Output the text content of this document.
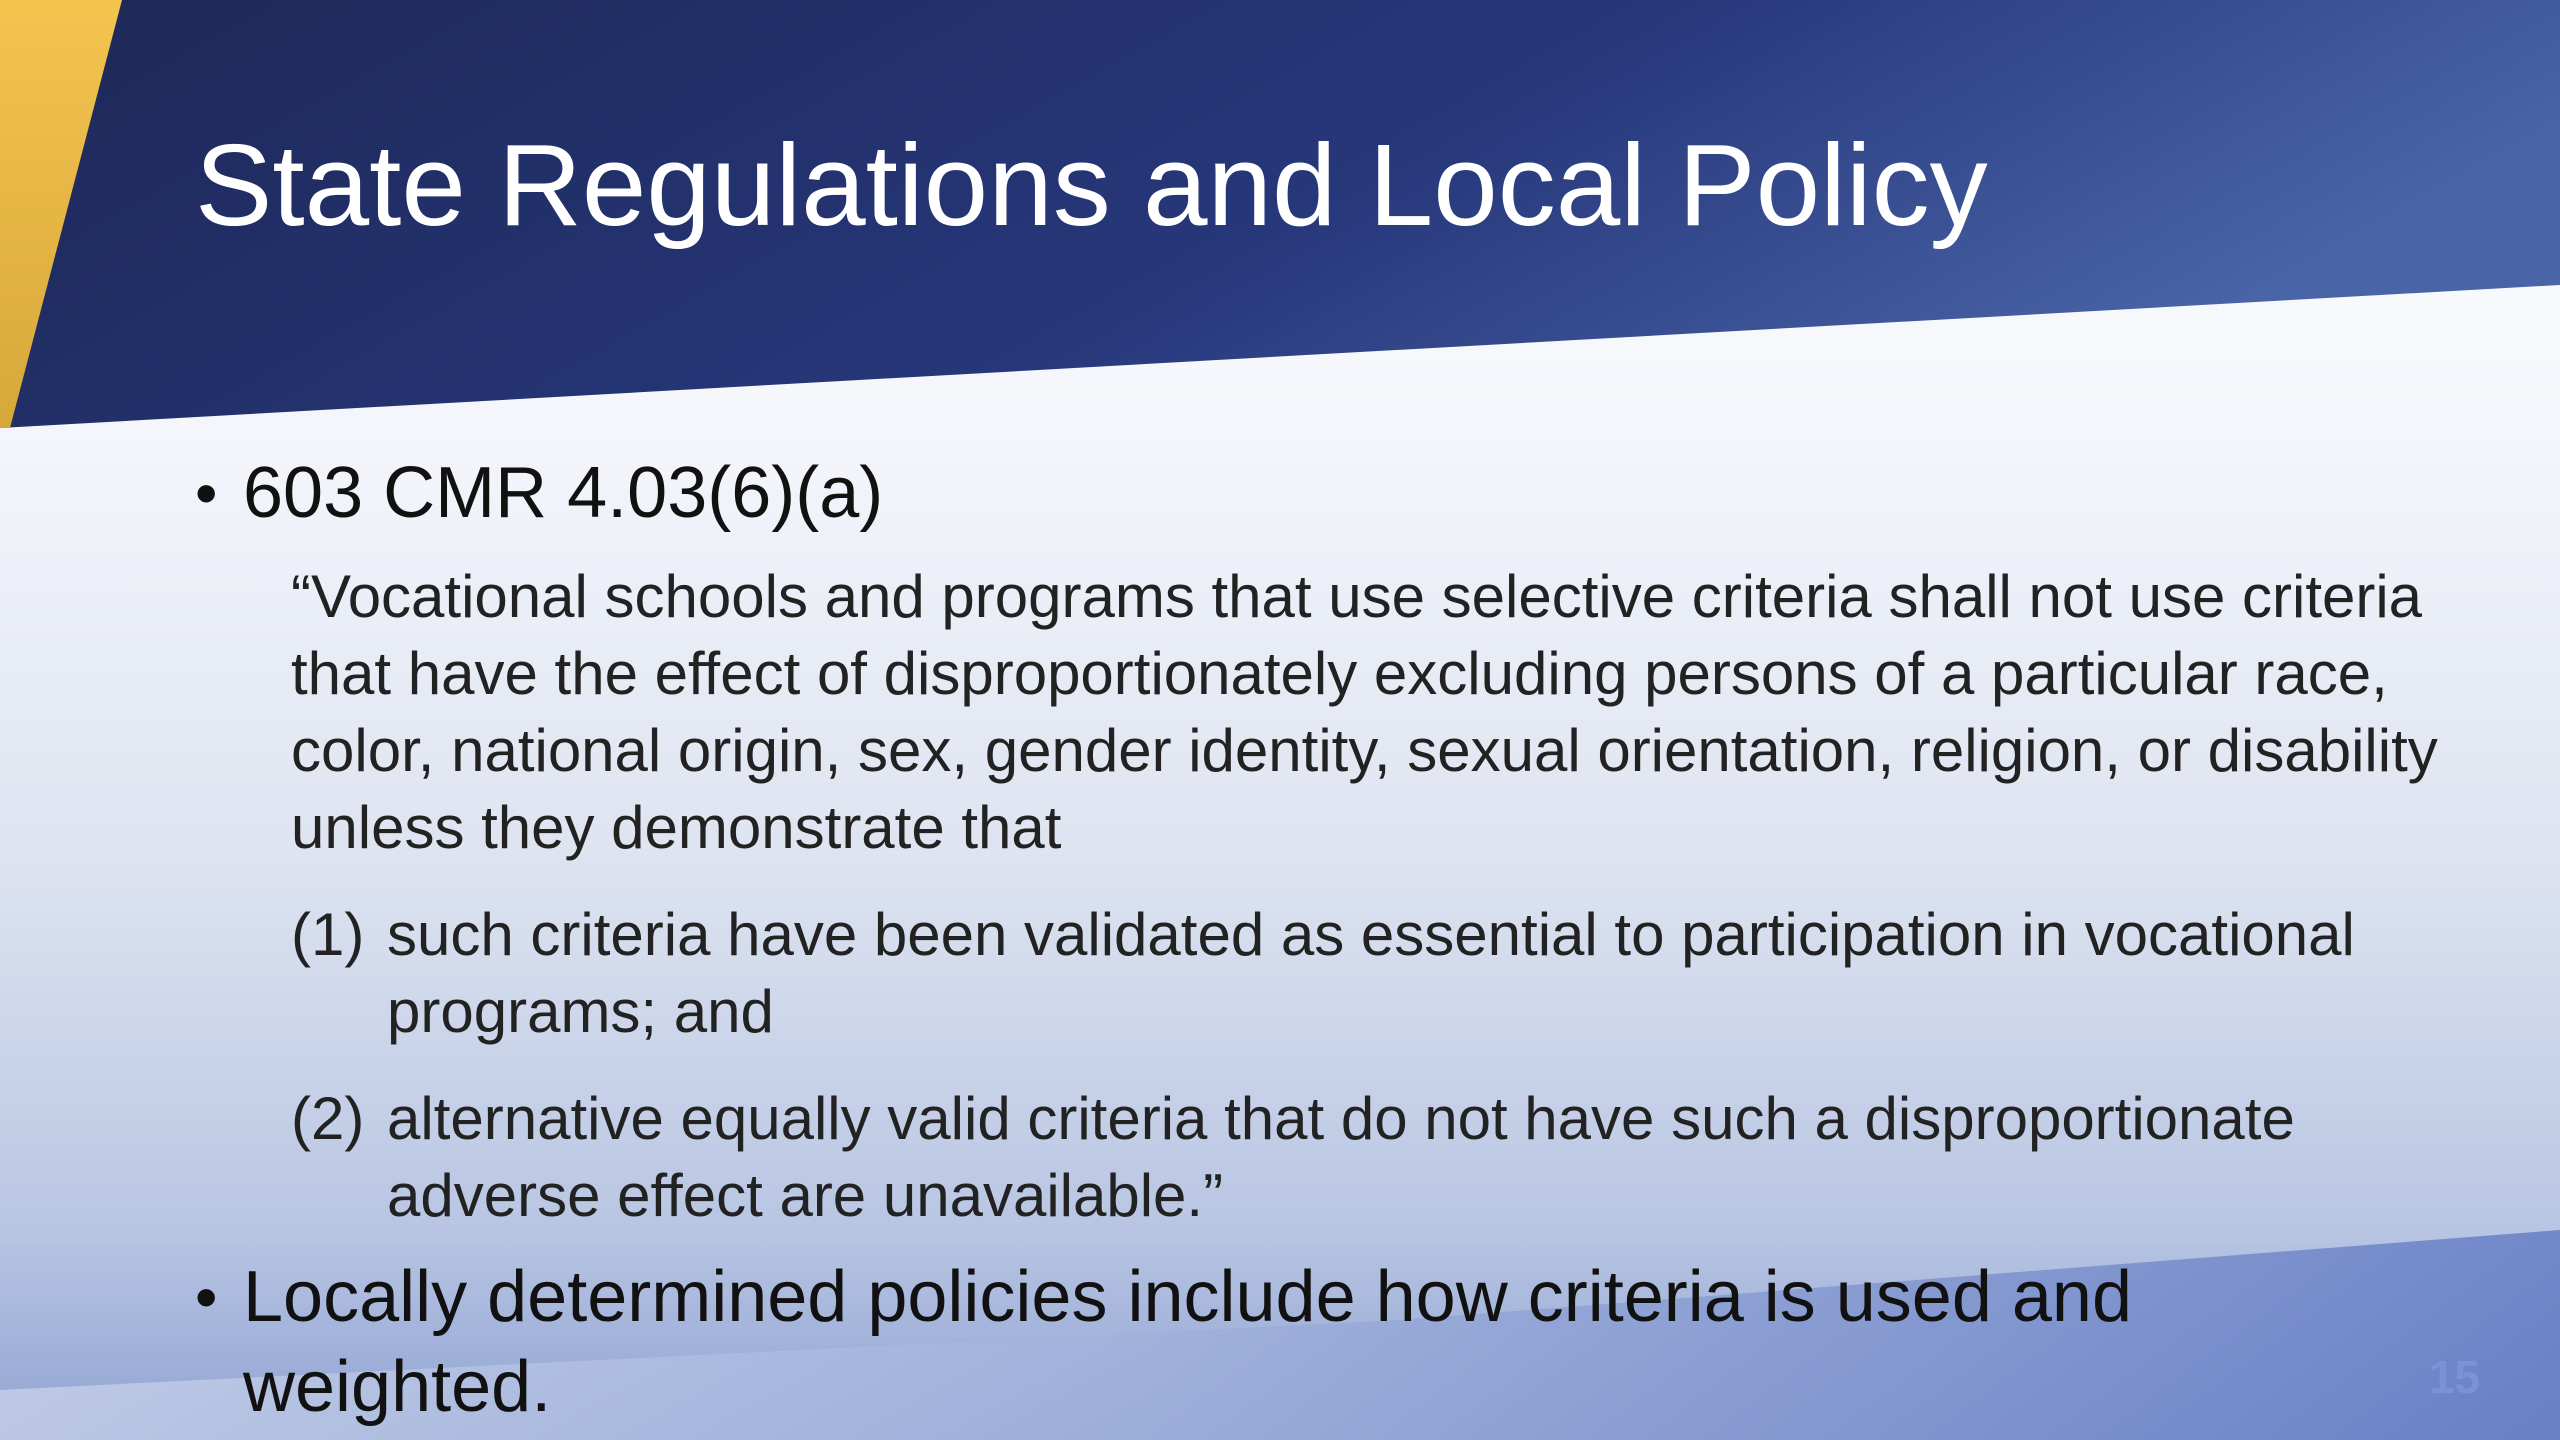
State Regulations and Local Policy
• 603 CMR 4.03(6)(a)
“Vocational schools and programs that use selective criteria shall not use criteria that have the effect of disproportionately excluding persons of a particular race, color, national origin, sex, gender identity, sexual orientation, religion, or disability unless they demonstrate that
(1) such criteria have been validated as essential to participation in vocational programs; and
(2) alternative equally valid criteria that do not have such a disproportionate adverse effect are unavailable.”
• Locally determined policies include how criteria is used and weighted.	15
